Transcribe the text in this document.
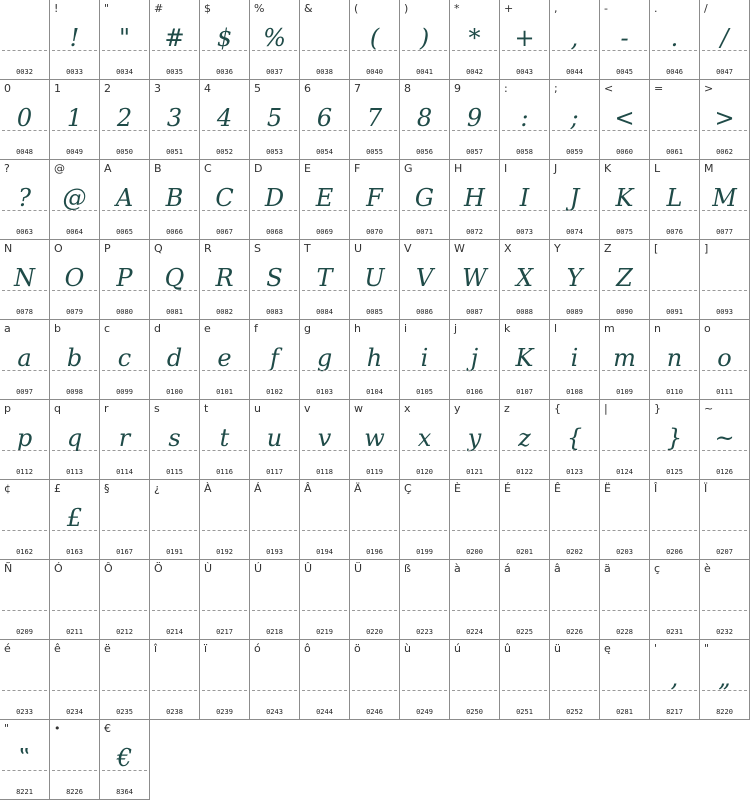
0032
!
!
0033
"
"
0034
#
#
0035
$
$
0036
%
%
0037
&
0038
(
(
0040
)
)
0041
*
*
0042
+
+
0043
,
,
0044
-
-
0045
.
.
0046
/
/
0047
0
0
0048
1
1
0049
2
2
0050
3
3
0051
4
4
0052
5
5
0053
6
6
0054
7
7
0055
8
8
0056
9
9
0057
:
:
0058
;
;
0059
<
<
0060
=
0061
>
>
0062
?
?
0063
@
@
0064
A
A
0065
B
B
0066
C
C
0067
D
D
0068
E
E
0069
F
F
0070
G
G
0071
H
H
0072
I
I
0073
J
J
0074
K
K
0075
L
L
0076
M
M
0077
N
N
0078
O
O
0079
P
P
0080
Q
Q
0081
R
R
0082
S
S
0083
T
T
0084
U
U
0085
V
V
0086
W
W
0087
X
X
0088
Y
Y
0089
Z
Z
0090
[
0091
]
0093
a
a
0097
b
b
0098
c
c
0099
d
d
0100
e
e
0101
f
f
0102
g
g
0103
h
h
0104
i
i
0105
j
j
0106
k
K
0107
l
i
0108
m
m
0109
n
n
0110
o
o
0111
p
p
0112
q
q
0113
r
r
0114
s
s
0115
t
t
0116
u
u
0117
v
v
0118
w
w
0119
x
x
0120
y
y
0121
z
z
0122
{
{
0123
|
0124
}
}
0125
~
~
0126
¢
0162
£
£
0163
§
0167
¿
0191
À
0192
Á
0193
Â
0194
Ä
0196
Ç
0199
È
0200
É
0201
Ê
0202
Ë
0203
Î
0206
Ï
0207
Ñ
0209
Ó
0211
Ô
0212
Ö
0214
Ù
0217
Ú
0218
Û
0219
Ü
0220
ß
0223
à
0224
á
0225
â
0226
ä
0228
ç
0231
è
0232
é
0233
ê
0234
ë
0235
î
0238
ï
0239
ó
0243
ô
0244
ö
0246
ù
0249
ú
0250
û
0251
ü
0252
ę
0281
'
,
8217
"
„
8220
"
‟
8221
•
8226
€
€
8364
